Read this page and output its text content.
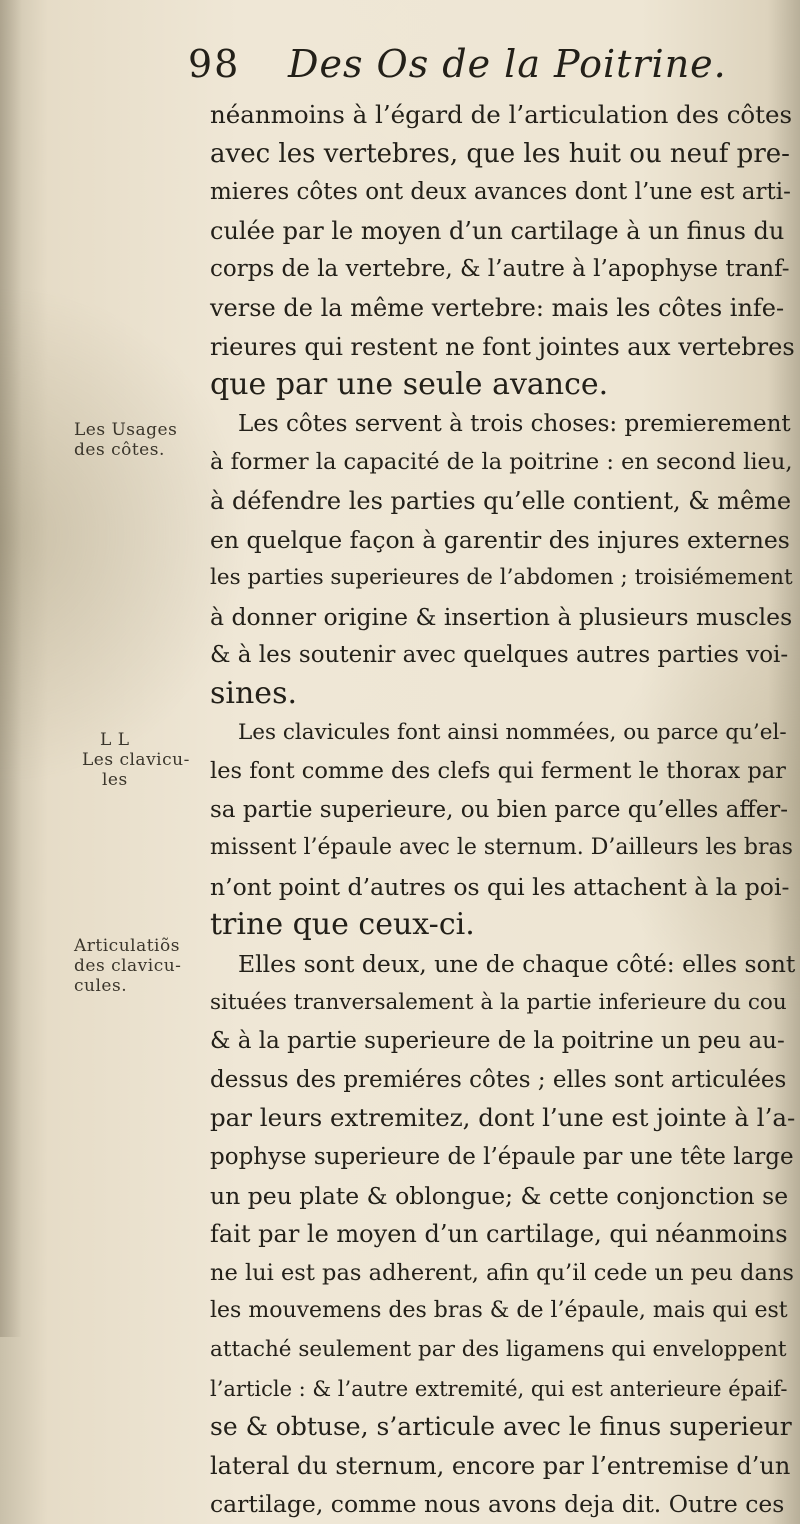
98 Des Os de la Poitrine.
néanmoins à l’égard de l’articulation des côtes
avec les vertebres, que les huit ou neuf pre-
mieres côtes ont deux avances dont l’une est arti-
culée par le moyen d’un cartilage à un finus du
corps de la vertebre, & l’autre à l’apophyse tranf-
verse de la même vertebre: mais les côtes infe-
rieures qui restent ne font jointes aux vertebres
que par une seule avance.
Les côtes servent à trois choses: premierement
à former la capacité de la poitrine : en second lieu,
à défendre les parties qu’elle contient, & même
en quelque façon à garentir des injures externes
les parties superieures de l’abdomen ; troisiémement
à donner origine & insertion à plusieurs muscles
& à les soutenir avec quelques autres parties voi-
sines.
Les clavicules font ainsi nommées, ou parce qu’el-
les font comme des clefs qui ferment le thorax par
sa partie superieure, ou bien parce qu’elles affer-
missent l’épaule avec le sternum. D’ailleurs les bras
n’ont point d’autres os qui les attachent à la poi-
trine que ceux-ci.
Elles sont deux, une de chaque côté: elles sont
situées tranversalement à la partie inferieure du cou
& à la partie superieure de la poitrine un peu au-
dessus des premiéres côtes ; elles sont articulées
par leurs extremitez, dont l’une est jointe à l’a-
pophyse superieure de l’épaule par une tête large
un peu plate & oblongue; & cette conjonction se
fait par le moyen d’un cartilage, qui néanmoins
ne lui est pas adherent, afin qu’il cede un peu dans
les mouvemens des bras & de l’épaule, mais qui est
attaché seulement par des ligamens qui enveloppent
l’article : & l’autre extremité, qui est anterieure épaif-
se & obtuse, s’articule avec le finus superieur
lateral du sternum, encore par l’entremise d’un
cartilage, comme nous avons deja dit. Outre ces
Les Usages
des côtes.
L L
Les clavicu-
les
Articulatiõs
des clavicu-
cules.
